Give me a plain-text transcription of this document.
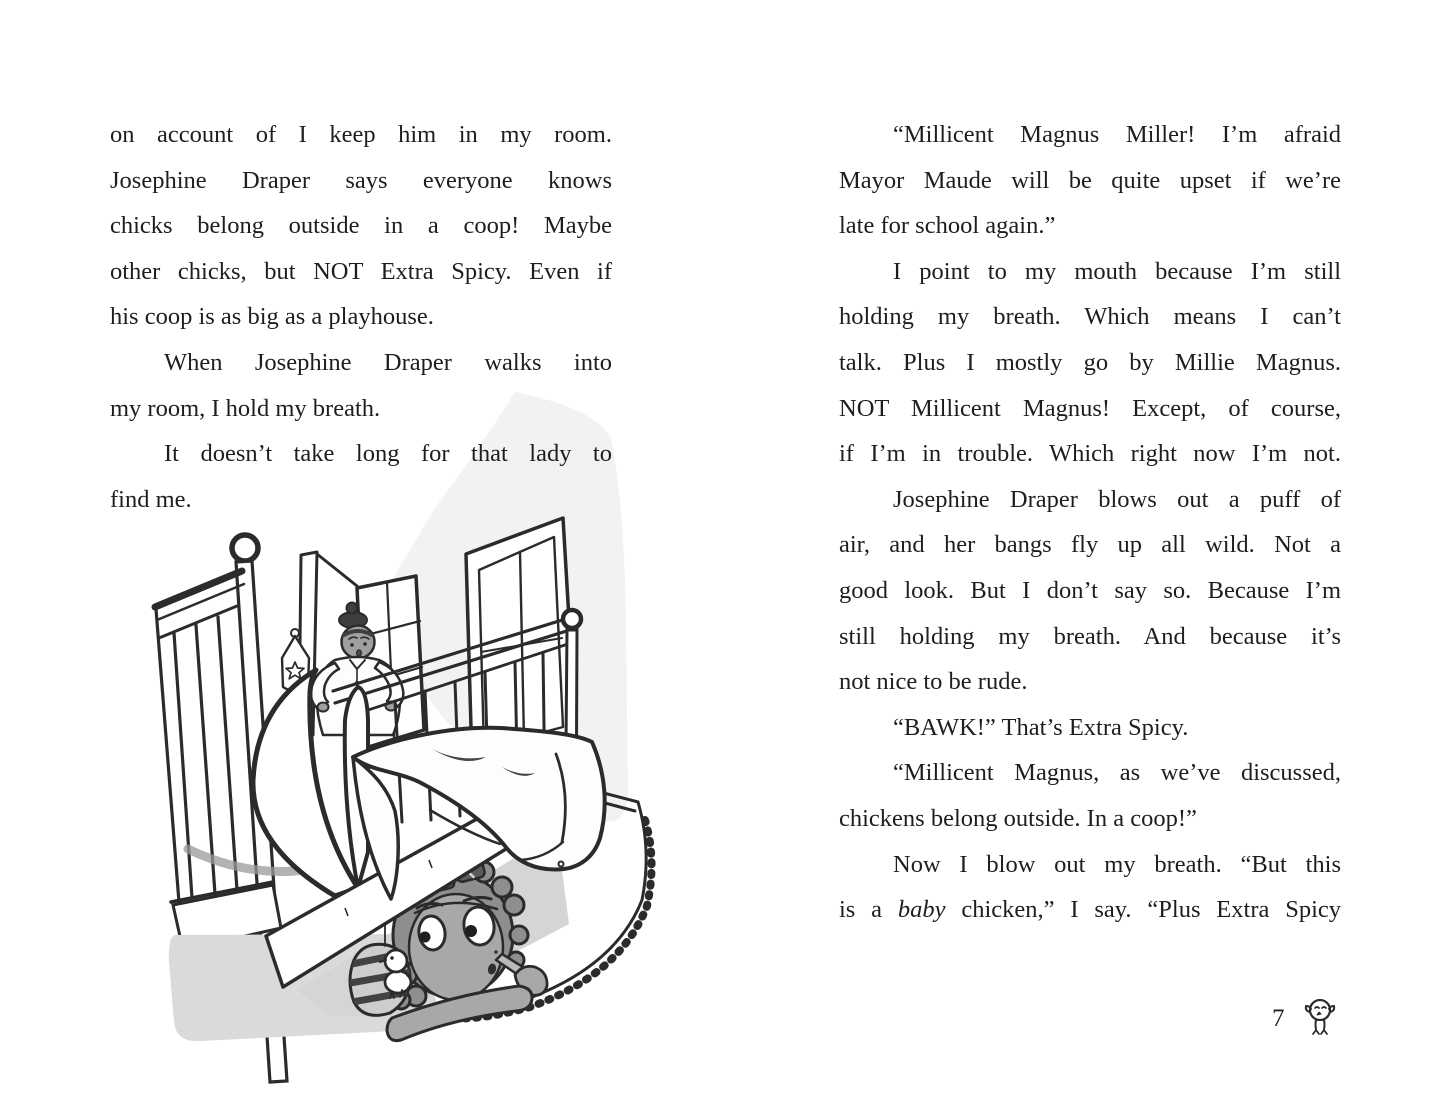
on account of I keep him in my room.
Josephine Draper says everyone knows
chicks belong outside in a coop! Maybe
other chicks, but NOT Extra Spicy. Even if
his coop is as big as a playhouse.
When Josephine Draper walks into
my room, I hold my breath.
It doesn’t take long for that lady to
find me.
“Millicent Magnus Miller! I’m afraid
Mayor Maude will be quite upset if we’re
late for school again.”
I point to my mouth because I’m still
holding my breath. Which means I can’t
talk. Plus I mostly go by Millie Magnus.
NOT Millicent Magnus! Except, of course,
if I’m in trouble. Which right now I’m not.
Josephine Draper blows out a puff of
air, and her bangs fly up all wild. Not a
good look. But I don’t say so. Because I’m
still holding my breath. And because it’s
not nice to be rude.
“BAWK!” That’s Extra Spicy.
“Millicent Magnus, as we’ve discussed,
chickens belong outside. In a coop!”
Now I blow out my breath. “But this
is a baby chicken,” I say. “Plus Extra Spicy
7
